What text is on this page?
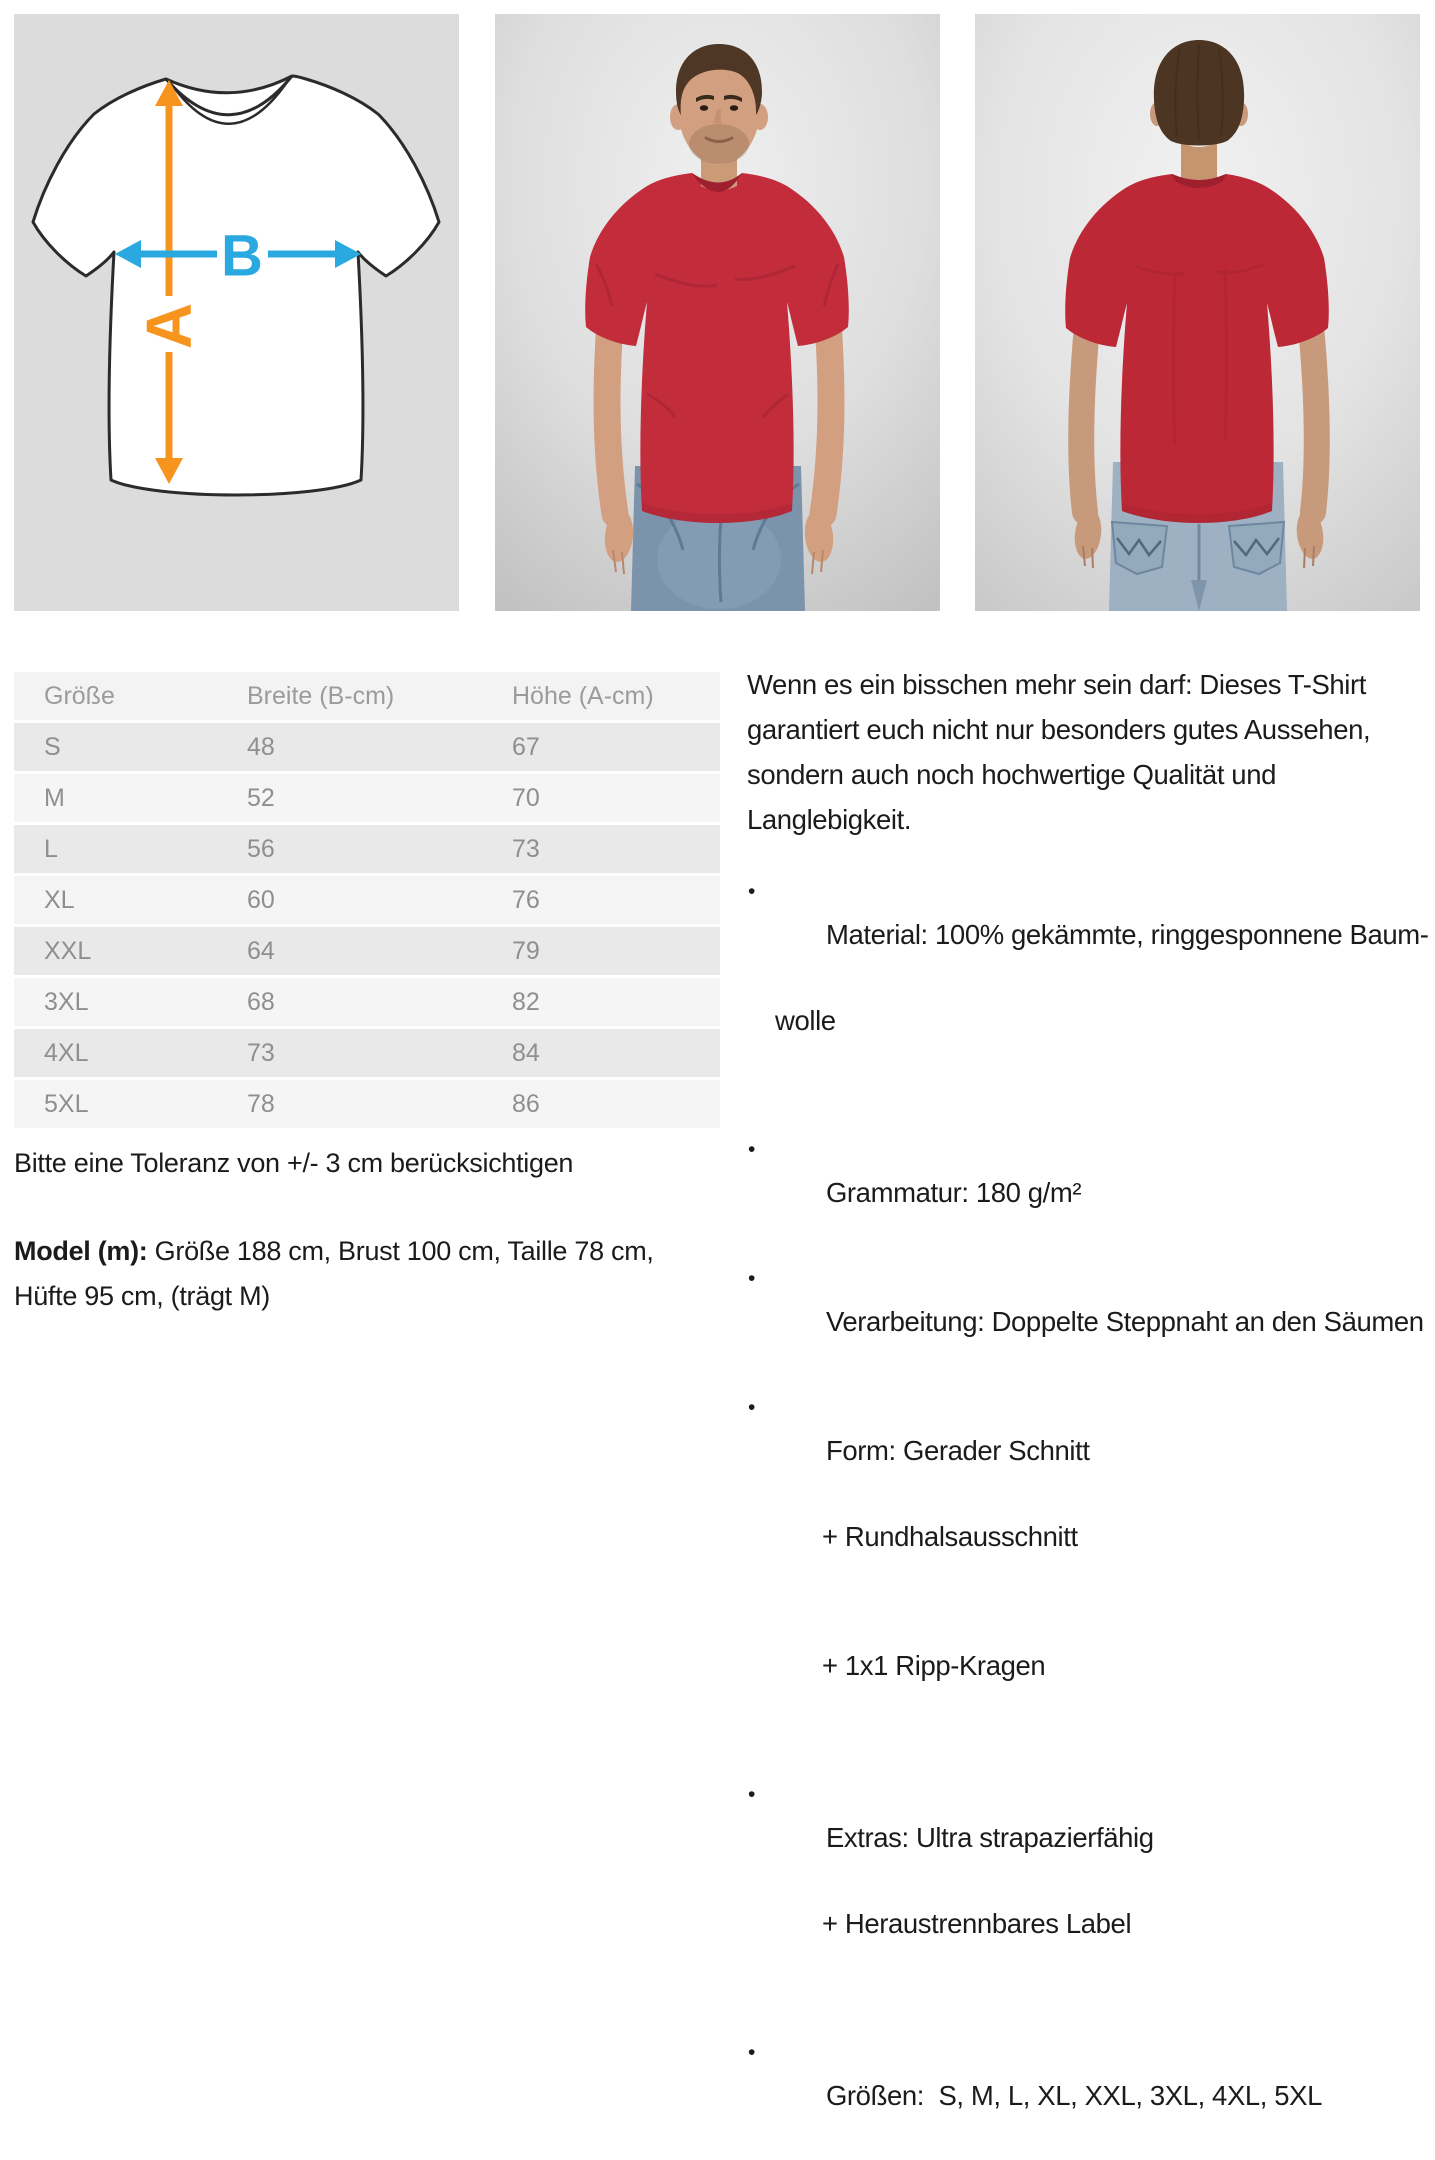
A
B
Größe	Breite (B-cm)	Höhe (A-cm)
S	48	67
M	52	70
L	56	73
XL	60	76
XXL	64	79
3XL	68	82
4XL	73	84
5XL	78	86
Bitte eine Toleranz von +/- 3 cm berücksichtigen

Model (m): Größe 188 cm, Brust 100 cm, Taille 78 cm,
Hüfte 95 cm, (trägt M)

Wenn es ein bisschen mehr sein darf: Dieses T-Shirt
garantiert euch nicht nur besonders gutes Aussehen,
sondern auch noch hochwertige Qualität und
Langlebigkeit.

•
Material: 100% gekämmte, ringgesponnene Baum-

wolle

•
Grammatur: 180 g/m²

•
Verarbeitung: Doppelte Steppnaht an den Säumen

•
Form: Gerader Schnitt

+ Rundhalsausschnitt

+ 1x1 Ripp-Kragen

•
Extras: Ultra strapazierfähig

+ Heraustrennbares Label

•
Größen:  S, M, L, XL, XXL, 3XL, 4XL, 5XL
